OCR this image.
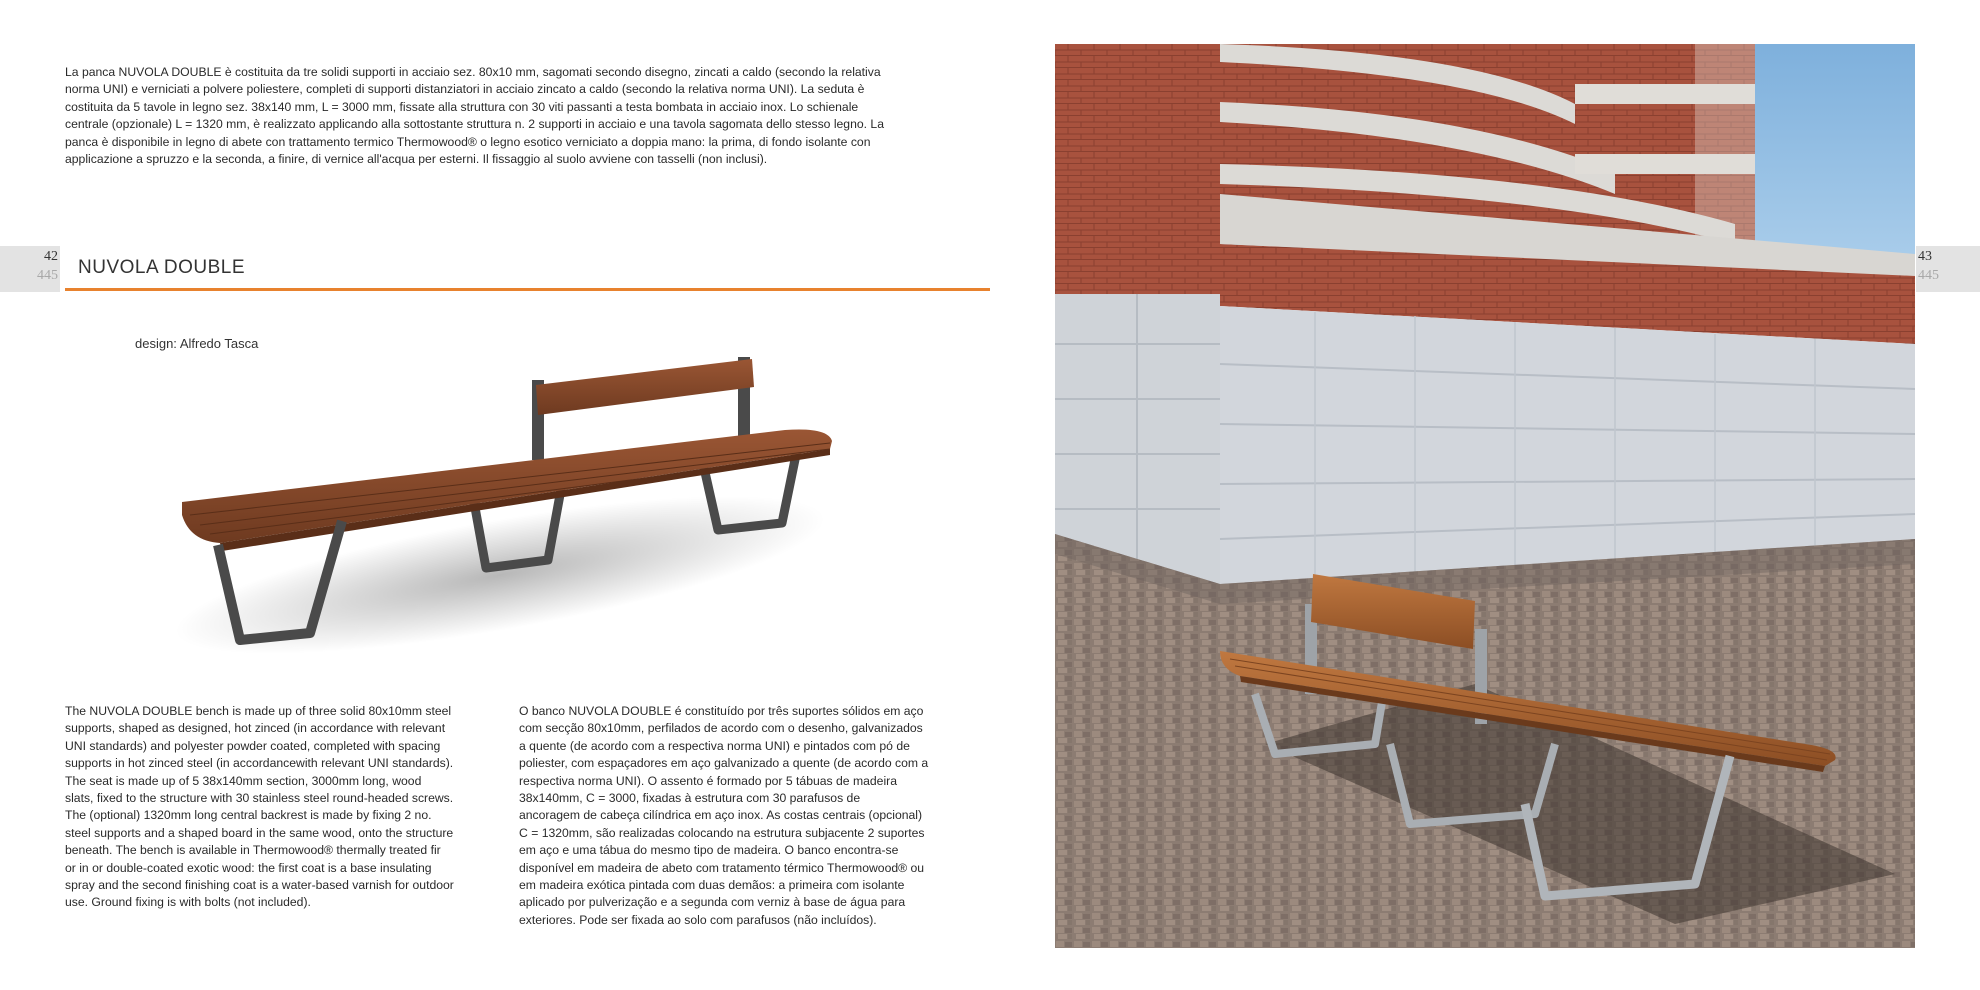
La panca NUVOLA DOUBLE è costituita da tre solidi supporti in acciaio sez. 80x10 mm, sagomati secondo disegno, zincati a caldo (secondo la relativa
norma UNI) e verniciati a polvere poliestere, completi di supporti distanziatori in acciaio zincato a caldo (secondo la relativa norma UNI). La seduta è
costituita da 5 tavole in legno sez. 38x140 mm, L = 3000 mm, fissate alla struttura con 30 viti passanti a testa bombata in acciaio inox. Lo schienale
centrale (opzionale) L = 1320 mm, è realizzato applicando alla sottostante struttura n. 2 supporti in acciaio e una tavola sagomata dello stesso legno. La
panca è disponibile in legno di abete con trattamento termico Thermowood® o legno esotico verniciato a doppia mano: la prima, di fondo isolante con
applicazione a spruzzo e la seconda, a finire, di vernice all'acqua per esterni. Il fissaggio al suolo avviene con tasselli (non inclusi).

42
445 NUVOLA DOUBLE
design: Alfredo Tasca

The NUVOLA DOUBLE bench is made up of three solid 80x10mm steel
supports, shaped as designed, hot zinced (in accordance with relevant
UNI standards) and polyester powder coated, completed with spacing
supports in hot zinced steel (in accordancewith relevant UNI standards).
The seat is made up of 5 38x140mm section, 3000mm long, wood
slats, fixed to the structure with 30 stainless steel round-headed screws.
The (optional) 1320mm long central backrest is made by fixing 2 no.
steel supports and a shaped board in the same wood, onto the structure
beneath. The bench is available in Thermowood® thermally treated fir
or in or double-coated exotic wood: the first coat is a base insulating
spray and the second finishing coat is a water-based varnish for outdoor
use. Ground fixing is with bolts (not included).

O banco NUVOLA DOUBLE é constituído por três suportes sólidos em aço
com secção 80x10mm, perfilados de acordo com o desenho, galvanizados
a quente (de acordo com a respectiva norma UNI) e pintados com pó de
poliester, com espaçadores em aço galvanizado a quente (de acordo com a
respectiva norma UNI). O assento é formado por 5 tábuas de madeira
38x140mm, C = 3000, fixadas à estrutura com 30 parafusos de
ancoragem de cabeça cilíndrica em aço inox. As costas centrais (opcional)
C = 1320mm, são realizadas colocando na estrutura subjacente 2 suportes
em aço e uma tábua do mesmo tipo de madeira. O banco encontra-se
disponível em madeira de abeto com tratamento térmico Thermowood® ou
em madeira exótica pintada com duas demãos: a primeira com isolante
aplicado por pulverização e a segunda com verniz à base de água para
exteriores. Pode ser fixada ao solo com parafusos (não incluídos).

43
445
